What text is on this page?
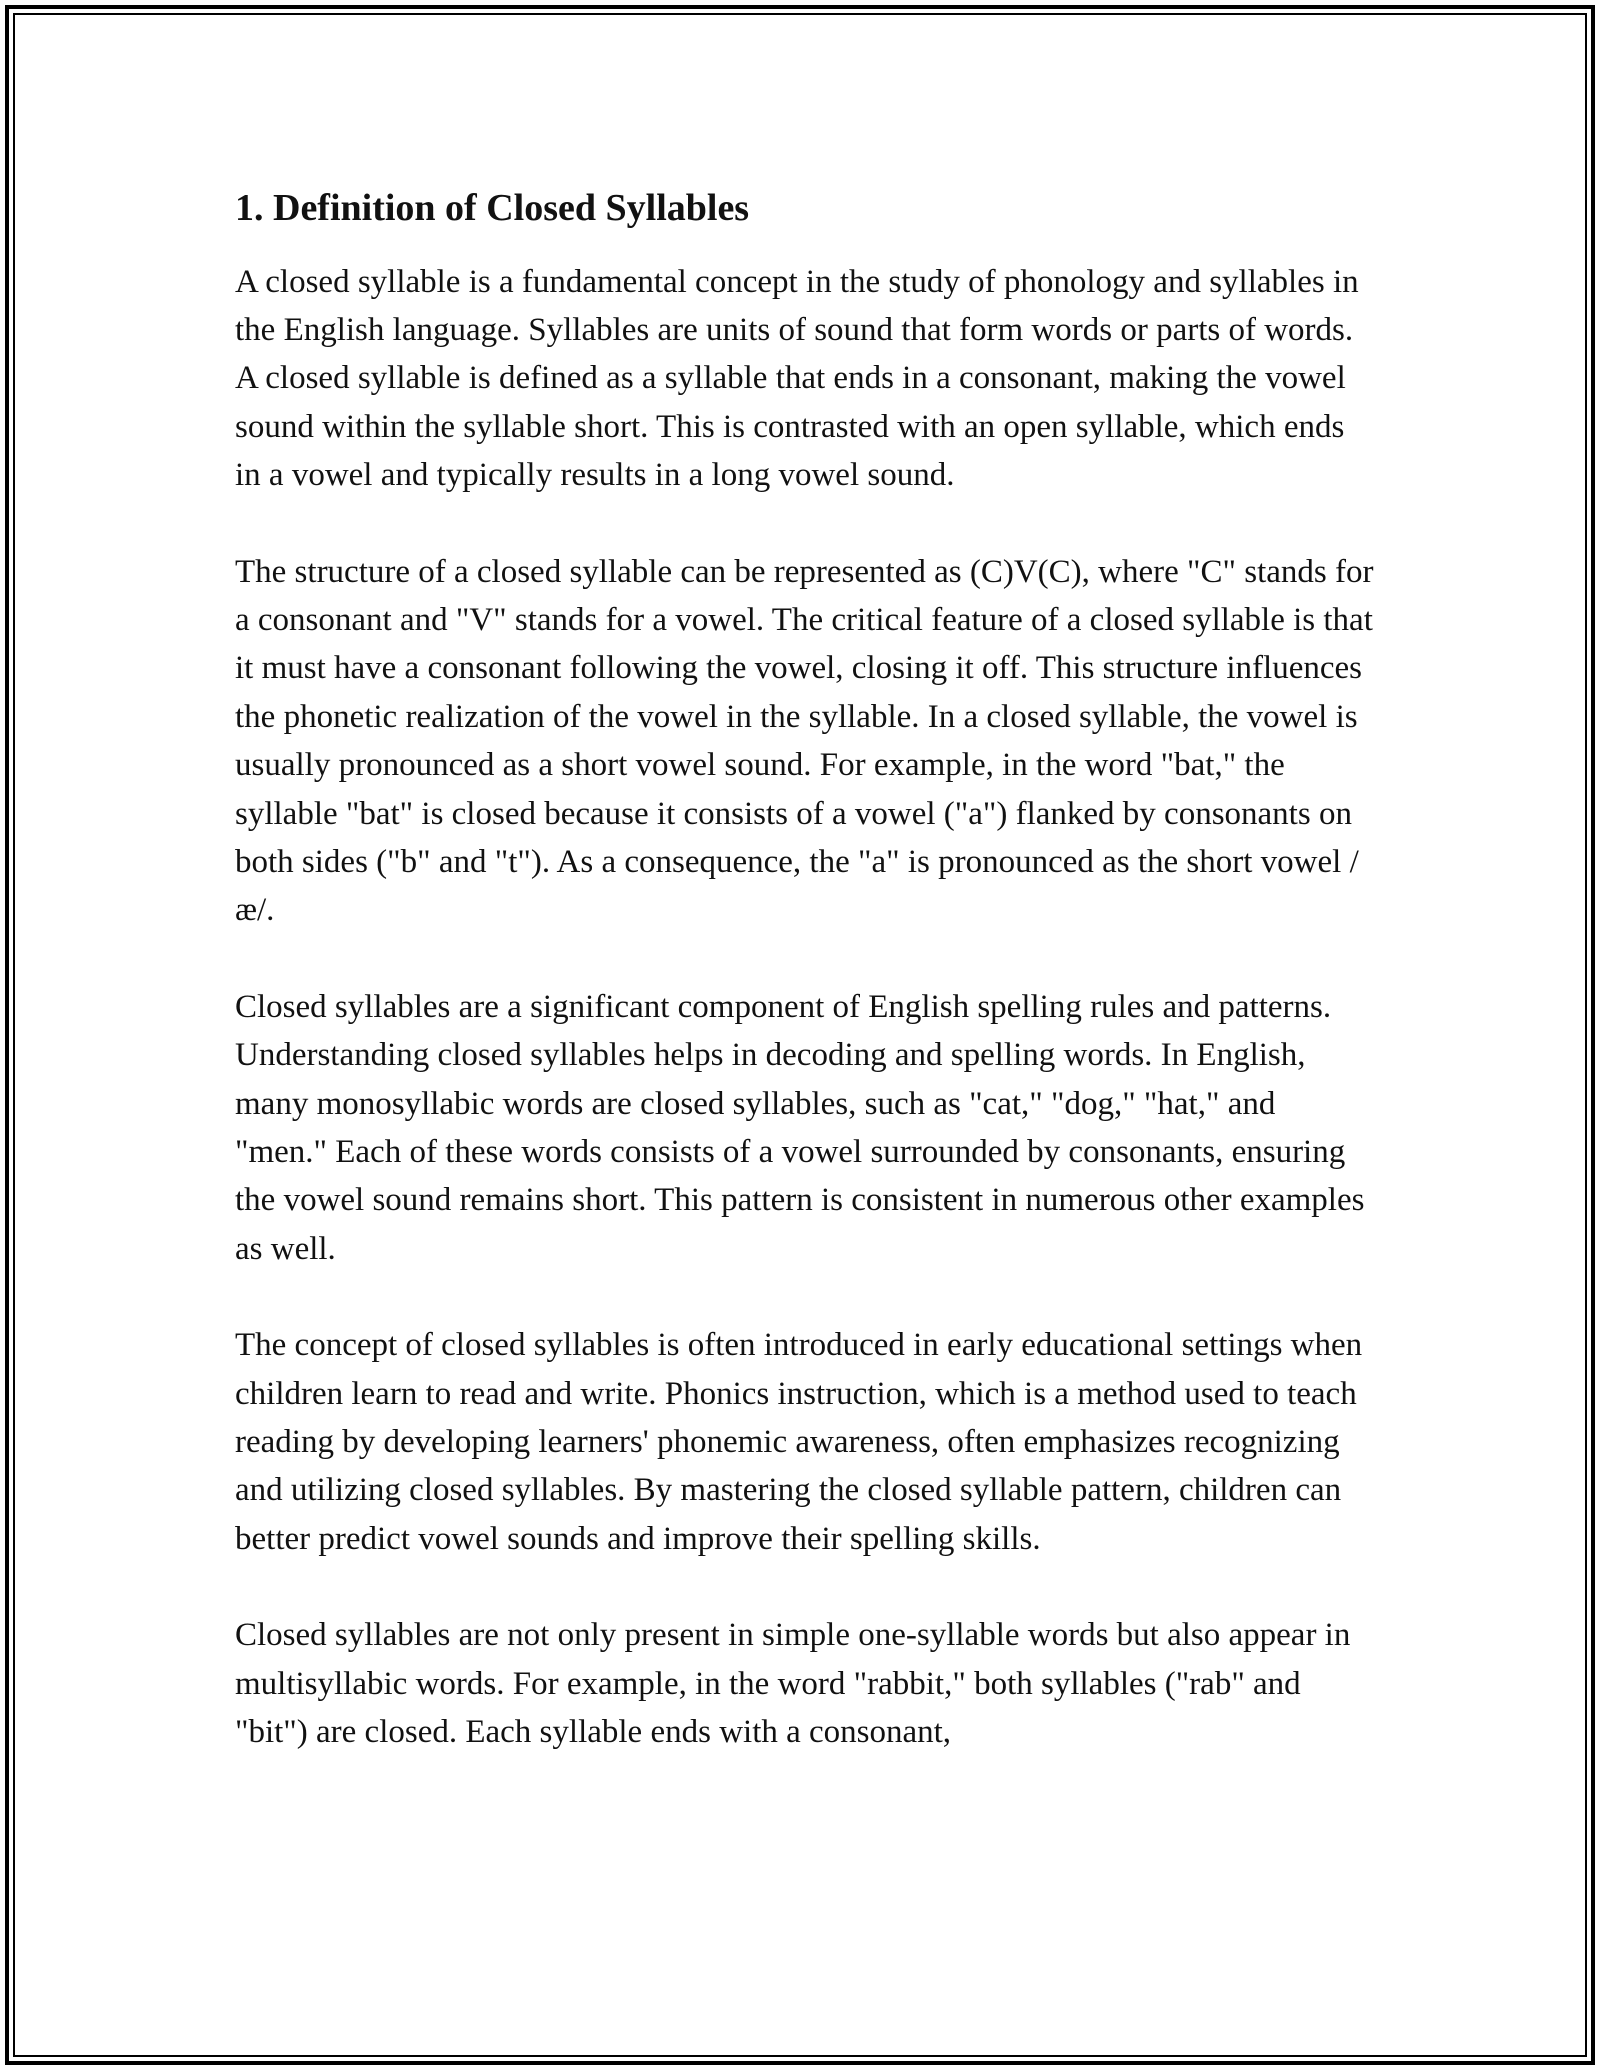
1. Definition of Closed Syllables

A closed syllable is a fundamental concept in the study of phonology and syllables in the English language. Syllables are units of sound that form words or parts of words. A closed syllable is defined as a syllable that ends in a consonant, making the vowel sound within the syllable short. This is contrasted with an open syllable, which ends in a vowel and typically results in a long vowel sound.

The structure of a closed syllable can be represented as (C)V(C), where "C" stands for a consonant and "V" stands for a vowel. The critical feature of a closed syllable is that it must have a consonant following the vowel, closing it off. This structure influences the phonetic realization of the vowel in the syllable. In a closed syllable, the vowel is usually pronounced as a short vowel sound. For example, in the word "bat," the syllable "bat" is closed because it consists of a vowel ("a") flanked by consonants on both sides ("b" and "t"). As a consequence, the "a" is pronounced as the short vowel /æ/.

Closed syllables are a significant component of English spelling rules and patterns. Understanding closed syllables helps in decoding and spelling words. In English, many monosyllabic words are closed syllables, such as "cat," "dog," "hat," and "men." Each of these words consists of a vowel surrounded by consonants, ensuring the vowel sound remains short. This pattern is consistent in numerous other examples as well.

The concept of closed syllables is often introduced in early educational settings when children learn to read and write. Phonics instruction, which is a method used to teach reading by developing learners' phonemic awareness, often emphasizes recognizing and utilizing closed syllables. By mastering the closed syllable pattern, children can better predict vowel sounds and improve their spelling skills.

Closed syllables are not only present in simple one-syllable words but also appear in multisyllabic words. For example, in the word "rabbit," both syllables ("rab" and "bit") are closed. Each syllable ends with a consonant,
